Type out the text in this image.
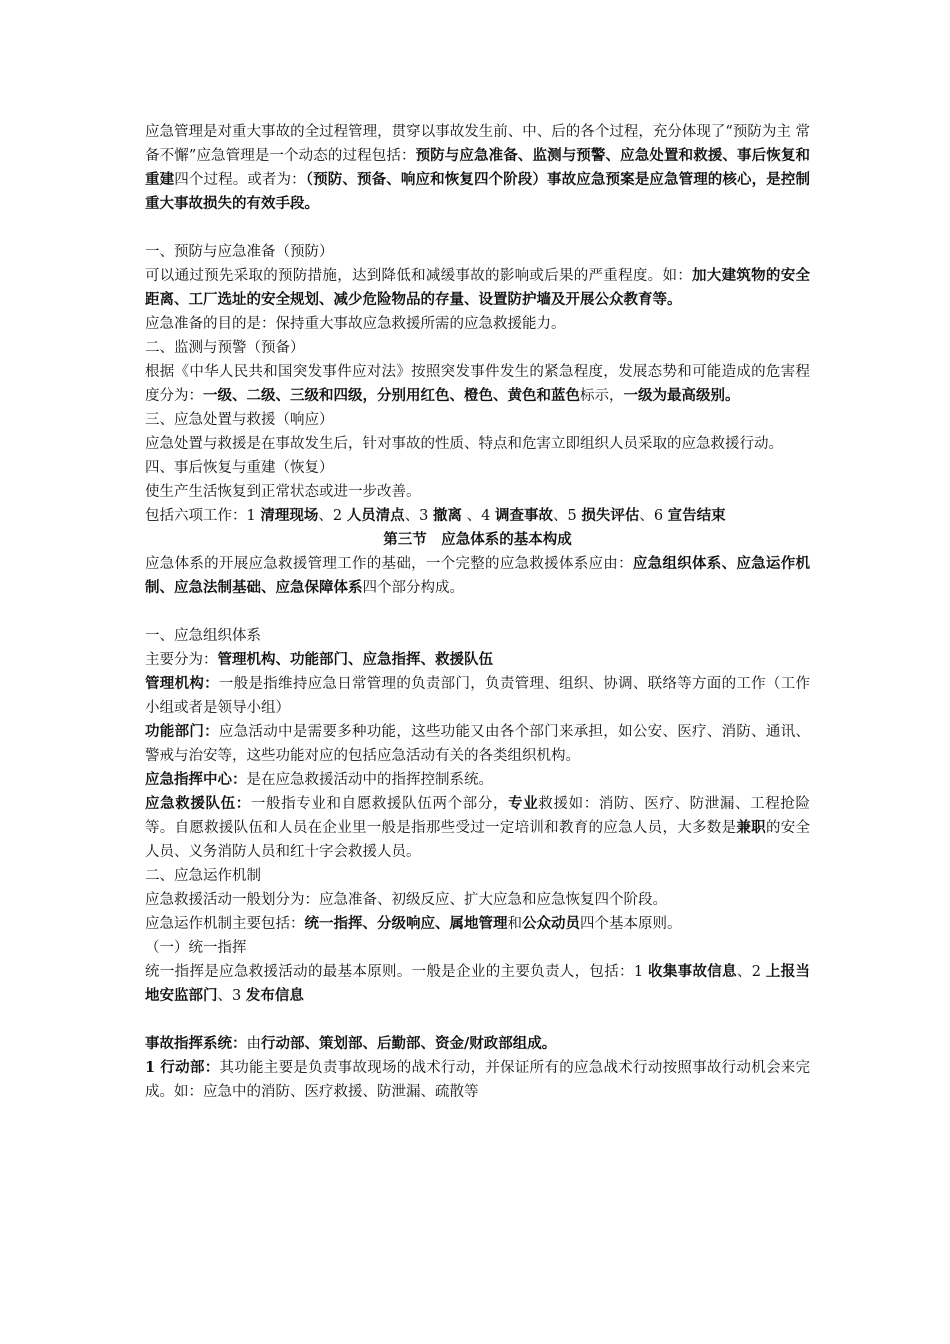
应急管理是对重大事故的全过程管理，贯穿以事故发生前、中、后的各个过程，充分体现了“预防为主 常备不懈”应急管理是一个动态的过程包括：预防与应急准备、监测与预警、应急处置和救援、事后恢复和重建四个过程。或者为：（预防、预备、响应和恢复四个阶段）事故应急预案是应急管理的核心，是控制重大事故损失的有效手段。

一、预防与应急准备（预防）

可以通过预先采取的预防措施，达到降低和减缓事故的影响或后果的严重程度。如：加大建筑物的安全距离、工厂选址的安全规划、减少危险物品的存量、设置防护墙及开展公众教育等。

应急准备的目的是：保持重大事故应急救援所需的应急救援能力。

二、监测与预警（预备）

根据《中华人民共和国突发事件应对法》按照突发事件发生的紧急程度，发展态势和可能造成的危害程度分为：一级、二级、三级和四级，分别用红色、橙色、黄色和蓝色标示，一级为最高级别。

三、应急处置与救援（响应）

应急处置与救援是在事故发生后，针对事故的性质、特点和危害立即组织人员采取的应急救援行动。

四、事后恢复与重建（恢复）

使生产生活恢复到正常状态或进一步改善。

包括六项工作：1 清理现场、2 人员清点、3 撤离 、4 调查事故、5 损失评估、6 宣告结束

第三节　应急体系的基本构成

应急体系的开展应急救援管理工作的基础，一个完整的应急救援体系应由：应急组织体系、应急运作机制、应急法制基础、应急保障体系四个部分构成。

一、应急组织体系

主要分为：管理机构、功能部门、应急指挥、救援队伍

管理机构：一般是指维持应急日常管理的负责部门，负责管理、组织、协调、联络等方面的工作（工作小组或者是领导小组）

功能部门：应急活动中是需要多种功能，这些功能又由各个部门来承担，如公安、医疗、消防、通讯、警戒与治安等，这些功能对应的包括应急活动有关的各类组织机构。

应急指挥中心：是在应急救援活动中的指挥控制系统。

应急救援队伍：一般指专业和自愿救援队伍两个部分，专业救援如：消防、医疗、防泄漏、工程抢险等。自愿救援队伍和人员在企业里一般是指那些受过一定培训和教育的应急人员，大多数是兼职的安全人员、义务消防人员和红十字会救援人员。

二、应急运作机制

应急救援活动一般划分为：应急准备、初级反应、扩大应急和应急恢复四个阶段。

应急运作机制主要包括：统一指挥、分级响应、属地管理和公众动员四个基本原则。

（一）统一指挥

统一指挥是应急救援活动的最基本原则。一般是企业的主要负责人，包括：1 收集事故信息、2 上报当地安监部门、3 发布信息

事故指挥系统：由行动部、策划部、后勤部、资金/财政部组成。

1 行动部：其功能主要是负责事故现场的战术行动，并保证所有的应急战术行动按照事故行动机会来完成。如：应急中的消防、医疗救援、防泄漏、疏散等
